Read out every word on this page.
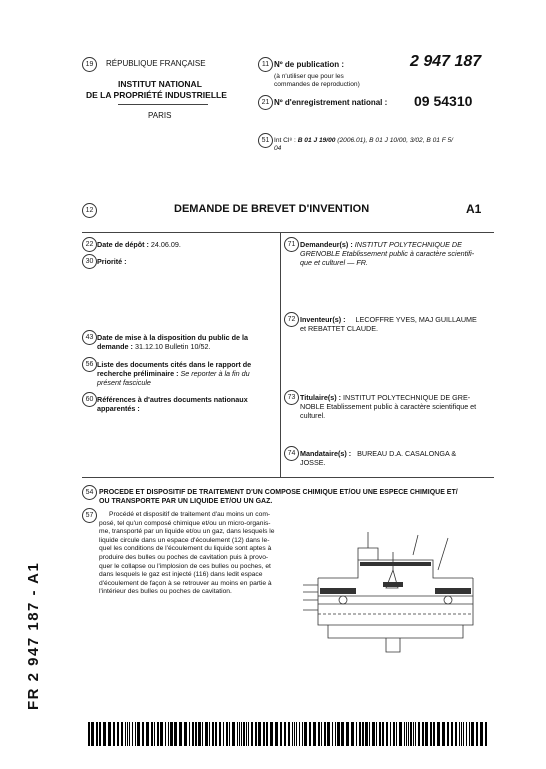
19	RÉPUBLIQUE FRANÇAISE
INSTITUT NATIONAL
DE LA PROPRIÉTÉ INDUSTRIELLE
PARIS
11 Nº de publication :	2 947 187
(à n'utiliser que pour les
commandes de reproduction)
21 Nº d'enregistrement national : 09 54310
51 Int Cl⁸ : B 01 J 19/00 (2006.01), B 01 J 10/00, 3/02, B 01 F 5/
04
12	DEMANDE DE BREVET D'INVENTION	A1
22 Date de dépôt : 24.06.09.
30 Priorité :
43 Date de mise à la disposition du public de la
demande : 31.12.10 Bulletin 10/52.
56 Liste des documents cités dans le rapport de
recherche préliminaire : Se reporter à la fin du
présent fascicule
60 Références à d'autres documents nationaux
apparentés :
71 Demandeur(s) : INSTITUT POLYTECHNIQUE DE
GRENOBLE Etablissement public à caractère scientifi-
que et culturel — FR.
72 Inventeur(s) : LECOFFRE YVES, MAJ GUILLAUME
et REBATTET CLAUDE.
73 Titulaire(s) : INSTITUT POLYTECHNIQUE DE GRE-
NOBLE Etablissement public à caractère scientifique et
culturel.
74 Mandataire(s) : BUREAU D.A. CASALONGA &
JOSSE.
54 PROCEDE ET DISPOSITIF DE TRAITEMENT D'UN COMPOSE CHIMIQUE ET/OU UNE ESPECE CHIMIQUE ET/
OU TRANSPORTE PAR UN LIQUIDE ET/OU UN GAZ.
57	Procédé et dispositif de traitement d'au moins un com-
posé, tel qu'un composé chimique et/ou un micro-organis-
me, transporté par un liquide et/ou un gaz, dans lesquels le
liquide circule dans un espace d'écoulement (12) dans le-
quel les conditions de l'écoulement du liquide sont aptes à
produire des bulles ou poches de cavitation puis à provo-
quer le collapse ou l'implosion de ces bulles ou poches, et
dans lesquels le gaz est injecté (116) dans ledit espace
d'écoulement de façon à se retrouver au moins en partie à
l'intérieur des bulles ou poches de cavitation.
FR 2 947 187 - A1
